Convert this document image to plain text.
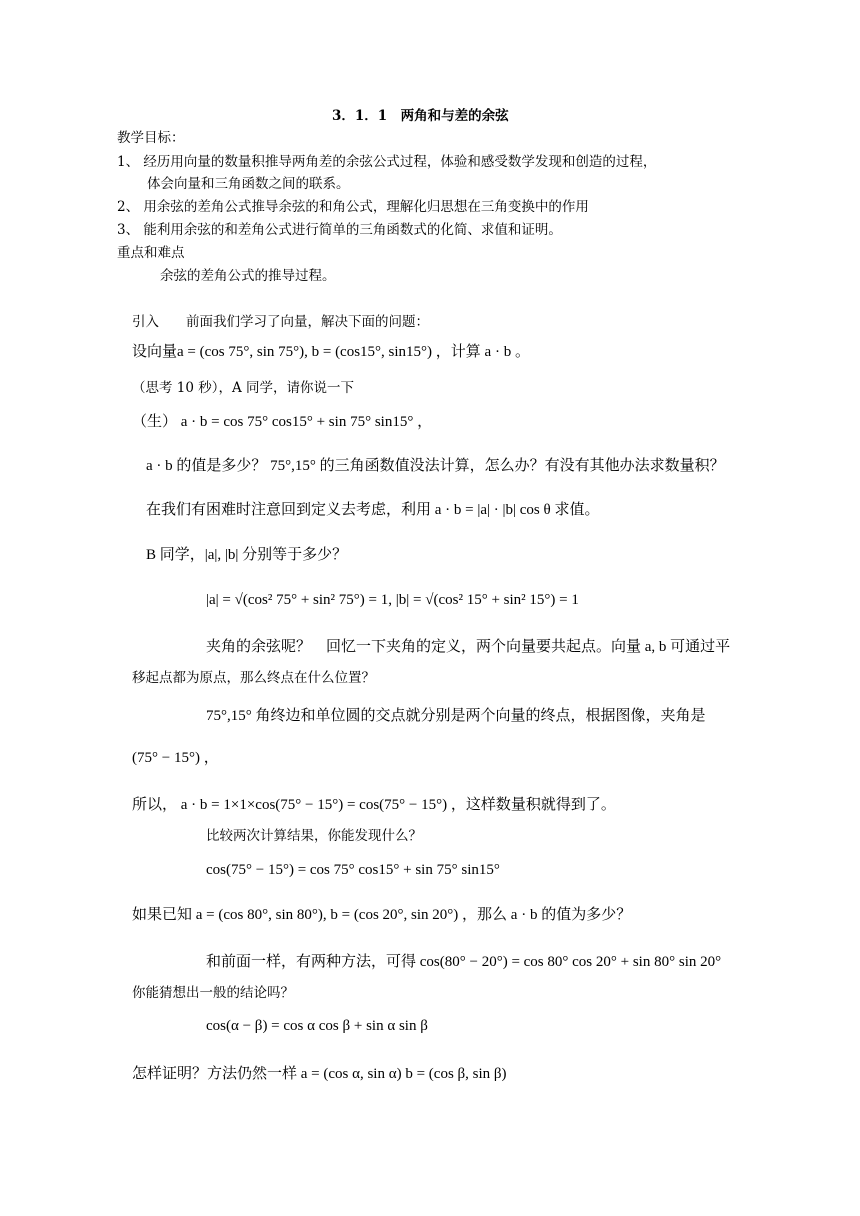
3．1．1　两角和与差的余弦
教学目标：
1、 经历用向量的数量积推导两角差的余弦公式过程，体验和感受数学发现和创造的过程，
体会向量和三角函数之间的联系。
2、 用余弦的差角公式推导余弦的和角公式，理解化归思想在三角变换中的作用
3、 能利用余弦的和差角公式进行简单的三角函数式的化简、求值和证明。
重点和难点
余弦的差角公式的推导过程。
引入　　前面我们学习了向量，解决下面的问题：
设向量a = (cos 75°, sin 75°), b = (cos15°, sin15°) ，计算 a · b 。
（思考 10 秒），A 同学，请你说一下
（生） a · b = cos 75° cos15° + sin 75° sin15° ，
a · b 的值是多少？ 75°,15° 的三角函数值没法计算，怎么办？有没有其他办法求数量积？
在我们有困难时注意回到定义去考虑，利用 a · b = |a| · |b| cos θ 求值。
B 同学，|a|, |b| 分别等于多少？
|a| = √(cos² 75° + sin² 75°) = 1, |b| = √(cos² 15° + sin² 15°) = 1
夹角的余弦呢？　回忆一下夹角的定义，两个向量要共起点。向量 a, b 可通过平
移起点都为原点，那么终点在什么位置？
75°,15° 角终边和单位圆的交点就分别是两个向量的终点，根据图像，夹角是
(75° − 15°) ，
所以， a · b = 1×1×cos(75° − 15°) = cos(75° − 15°) ，这样数量积就得到了。
比较两次计算结果，你能发现什么？
cos(75° − 15°) = cos 75° cos15° + sin 75° sin15°
如果已知 a = (cos 80°, sin 80°), b = (cos 20°, sin 20°) ，那么 a · b 的值为多少？
和前面一样，有两种方法，可得 cos(80° − 20°) = cos 80° cos 20° + sin 80° sin 20°
你能猜想出一般的结论吗？
cos(α − β) = cos α cos β + sin α sin β
怎样证明？方法仍然一样 a = (cos α, sin α) b = (cos β, sin β)
